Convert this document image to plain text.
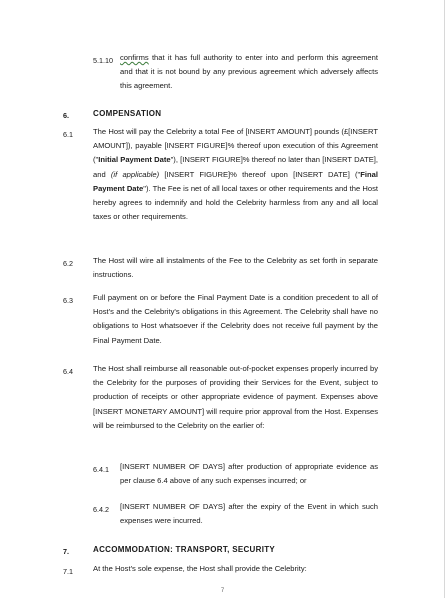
5.1.10 confirms that it has full authority to enter into and perform this agreement and that it is not bound by any previous agreement which adversely affects this agreement.
6.	COMPENSATION
6.1	The Host will pay the Celebrity a total Fee of [INSERT AMOUNT] pounds (£[INSERT AMOUNT]), payable [INSERT FIGURE]% thereof upon execution of this Agreement ("Initial Payment Date"), [INSERT FIGURE]% thereof no later than [INSERT DATE], and (if applicable) [INSERT FIGURE]% thereof upon [INSERT DATE] ("Final Payment Date"). The Fee is net of all local taxes or other requirements and the Host hereby agrees to indemnify and hold the Celebrity harmless from any and all local taxes or other requirements.
6.2	The Host will wire all instalments of the Fee to the Celebrity as set forth in separate instructions.
6.3	Full payment on or before the Final Payment Date is a condition precedent to all of Host's and the Celebrity's obligations in this Agreement. The Celebrity shall have no obligations to Host whatsoever if the Celebrity does not receive full payment by the Final Payment Date.
6.4	The Host shall reimburse all reasonable out-of-pocket expenses properly incurred by the Celebrity for the purposes of providing their Services for the Event, subject to production of receipts or other appropriate evidence of payment. Expenses above [INSERT MONETARY AMOUNT] will require prior approval from the Host. Expenses will be reimbursed to the Celebrity on the earlier of:
6.4.1 [INSERT NUMBER OF DAYS] after production of appropriate evidence as per clause 6.4 above of any such expenses incurred; or
6.4.2 [INSERT NUMBER OF DAYS] after the expiry of the Event in which such expenses were incurred.
7.	ACCOMMODATION: TRANSPORT, SECURITY
7.1	At the Host's sole expense, the Host shall provide the Celebrity:
7
